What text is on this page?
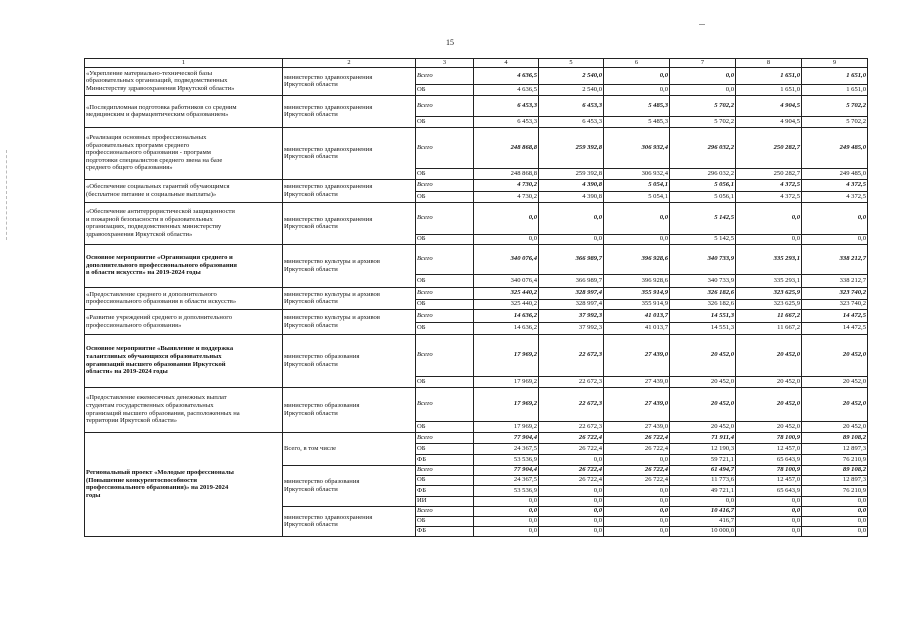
15
1	2	3	4	5	6	7	8	9
«Укрепление материально-технической базы
образовательных организаций, подведомственных
Министерству здравоохранения Иркутской области»	министерство здравоохранения
Иркутской области	Всего	4 636,5	2 540,0	0,0	0,0	1 651,0	1 651,0
		ОБ	4 636,5	2 540,0	0,0	0,0	1 651,0	1 651,0
«Последипломная подготовка работников со средним
медицинским и фармацевтическим образованием»	министерство здравоохранения
Иркутской области	Всего	6 453,3	6 453,3	5 485,3	5 702,2	4 904,5	5 702,2
		ОБ	6 453,3	6 453,3	5 485,3	5 702,2	4 904,5	5 702,2
«Реализация основных профессиональных
образовательных программ среднего
профессионального образования - программ
подготовки специалистов среднего звена на базе
среднего общего образования»	министерство здравоохранения
Иркутской области	Всего	248 868,8	259 392,8	306 932,4	296 032,2	250 282,7	249 485,0
		ОБ	248 868,8	259 392,8	306 932,4	296 032,2	250 282,7	249 485,0
«Обеспечение социальных гарантий обучающимся
(бесплатное питание и социальные выплаты)»	министерство здравоохранения
Иркутской области	Всего	4 730,2	4 390,8	5 054,1	5 056,1	4 372,5	4 372,5
		ОБ	4 730,2	4 390,8	5 054,1	5 056,1	4 372,5	4 372,5
«Обеспечение антитеррористической защищенности
и пожарной безопасности в образовательных
организациях, подведомственных министерству
здравоохранения Иркутской области»	министерство здравоохранения
Иркутской области	Всего	0,0	0,0	0,0	5 142,5	0,0	0,0
		ОБ	0,0	0,0	0,0	5 142,5	0,0	0,0
Основное мероприятие «Организация среднего и
дополнительного профессионального образования
в области искусств» на 2019-2024 годы	министерство культуры и архивов
Иркутской области	Всего	340 076,4	366 989,7	396 928,6	340 733,9	335 293,1	338 212,7
		ОБ	340 076,4	366 989,7	396 928,6	340 733,9	335 293,1	338 212,7
«Предоставление среднего и дополнительного
профессионального образования в области искусств»	министерство культуры и архивов
Иркутской области	Всего	325 440,2	328 997,4	355 914,9	326 182,6	323 625,9	323 740,2
		ОБ	325 440,2	328 997,4	355 914,9	326 182,6	323 625,9	323 740,2
«Развитие учреждений среднего и дополнительного
профессионального образования»	министерство культуры и архивов
Иркутской области	Всего	14 636,2	37 992,3	41 013,7	14 551,3	11 667,2	14 472,5
		ОБ	14 636,2	37 992,3	41 013,7	14 551,3	11 667,2	14 472,5
Основное мероприятие «Выявление и поддержка
талантливых обучающихся образовательных
организаций высшего образования Иркутской
области» на 2019-2024 годы	министерство образования
Иркутской области	Всего	17 969,2	22 672,3	27 439,0	20 452,0	20 452,0	20 452,0
		ОБ	17 969,2	22 672,3	27 439,0	20 452,0	20 452,0	20 452,0
«Предоставление ежемесячных денежных выплат
студентам государственных образовательных
организаций высшего образования, расположенных на
территории Иркутской области»	министерство образования
Иркутской области	Всего	17 969,2	22 672,3	27 439,0	20 452,0	20 452,0	20 452,0
		ОБ	17 969,2	22 672,3	27 439,0	20 452,0	20 452,0	20 452,0
Региональный проект «Молодые профессионалы
(Повышение конкурентоспособности
профессионального образования)» на 2019-2024
годы	Всего, в том числе	Всего	77 904,4	26 722,4	26 722,4	71 911,4	78 100,9	89 108,2
		ОБ	24 367,5	26 722,4	26 722,4	12 190,3	12 457,0	12 897,3
		ФБ	53 536,9	0,0	0,0	59 721,1	65 643,9	76 210,9
	министерство образования
Иркутской области	Всего	77 904,4	26 722,4	26 722,4	61 494,7	78 100,9	89 108,2
		ОБ	24 367,5	26 722,4	26 722,4	11 773,6	12 457,0	12 897,3
		ФБ	53 536,9	0,0	0,0	49 721,1	65 643,9	76 210,9
		ИИ	0,0	0,0	0,0	0,0	0,0	0,0
	министерство здравоохранения
Иркутской области	Всего	0,0	0,0	0,0	10 416,7	0,0	0,0
		ОБ	0,0	0,0	0,0	416,7	0,0	0,0
		ФБ	0,0	0,0	0,0	10 000,0	0,0	0,0
